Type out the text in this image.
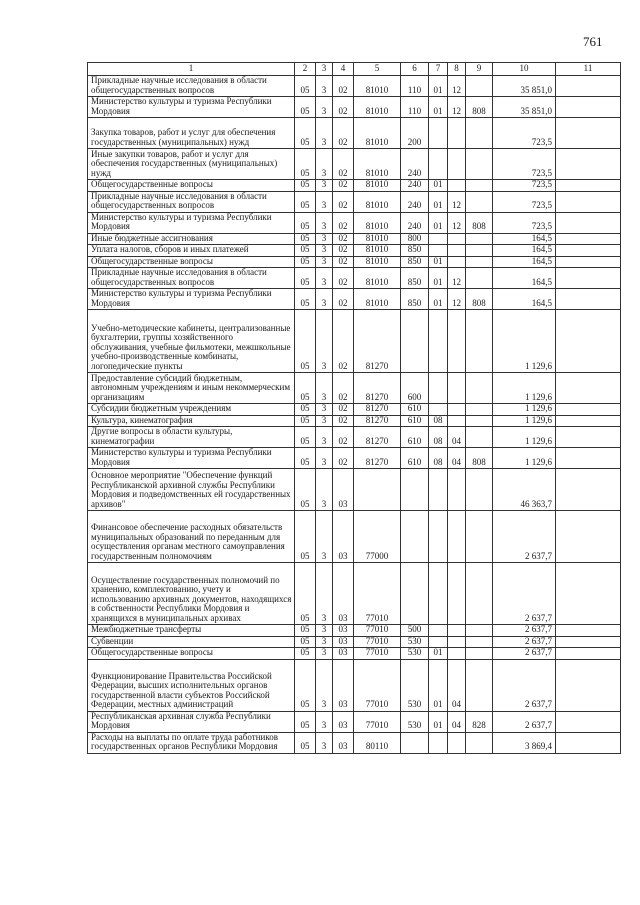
761
1	2	3	4	5	6	7	8	9	10	11
Прикладные научные исследования в области общегосударственных вопросов	05	3	02	81010	110	01	12		35 851,0	
Министерство культуры и туризма Республики Мордовия	05	3	02	81010	110	01	12	808	35 851,0	
Закупка товаров, работ и услуг для обеспечения государственных (муниципальных) нужд	05	3	02	81010	200				723,5	
Иные закупки товаров, работ и услуг для обеспечения государственных (муниципальных) нужд	05	3	02	81010	240				723,5	
Общегосударственные вопросы	05	3	02	81010	240	01			723,5	
Прикладные научные исследования в области общегосударственных вопросов	05	3	02	81010	240	01	12		723,5	
Министерство культуры и туризма Республики Мордовия	05	3	02	81010	240	01	12	808	723,5	
Иные бюджетные ассигнования	05	3	02	81010	800				164,5	
Уплата налогов, сборов и иных платежей	05	3	02	81010	850				164,5	
Общегосударственные вопросы	05	3	02	81010	850	01			164,5	
Прикладные научные исследования в области общегосударственных вопросов	05	3	02	81010	850	01	12		164,5	
Министерство культуры и туризма Республики Мордовия	05	3	02	81010	850	01	12	808	164,5	
Учебно-методические кабинеты, централизованные бухгалтерии, группы хозяйственного обслуживания, учебные фильмотеки, межшкольные учебно-производственные комбинаты, логопедические пункты	05	3	02	81270					1 129,6	
Предоставление субсидий бюджетным, автономным учреждениям и иным некоммерческим организациям	05	3	02	81270	600				1 129,6	
Субсидии бюджетным учреждениям	05	3	02	81270	610				1 129,6	
Культура, кинематография	05	3	02	81270	610	08			1 129,6	
Другие вопросы в области культуры, кинематографии	05	3	02	81270	610	08	04		1 129,6	
Министерство культуры и туризма Республики Мордовия	05	3	02	81270	610	08	04	808	1 129,6	
Основное мероприятие "Обеспечение функций Республиканской архивной службы Республики Мордовия и подведомственных ей государственных архивов"	05	3	03						46 363,7	
Финансовое обеспечение расходных обязательств муниципальных образований по переданным для осуществления органам местного самоуправления государственным полномочиям	05	3	03	77000					2 637,7	
Осуществление государственных полномочий по хранению, комплектованию, учету и использованию архивных документов, находящихся в собственности Республики Мордовия и хранящихся в муниципальных архивах	05	3	03	77010					2 637,7	
Межбюджетные трансферты	05	3	03	77010	500				2 637,7	
Субвенции	05	3	03	77010	530				2 637,7	
Общегосударственные вопросы	05	3	03	77010	530	01			2 637,7	
Функционирование Правительства Российской Федерации, высших исполнительных органов государственной власти субъектов Российской Федерации, местных администраций	05	3	03	77010	530	01	04		2 637,7	
Республиканская архивная служба Республики Мордовия	05	3	03	77010	530	01	04	828	2 637,7	
Расходы на выплаты по оплате труда работников государственных органов Республики Мордовия	05	3	03	80110					3 869,4	
